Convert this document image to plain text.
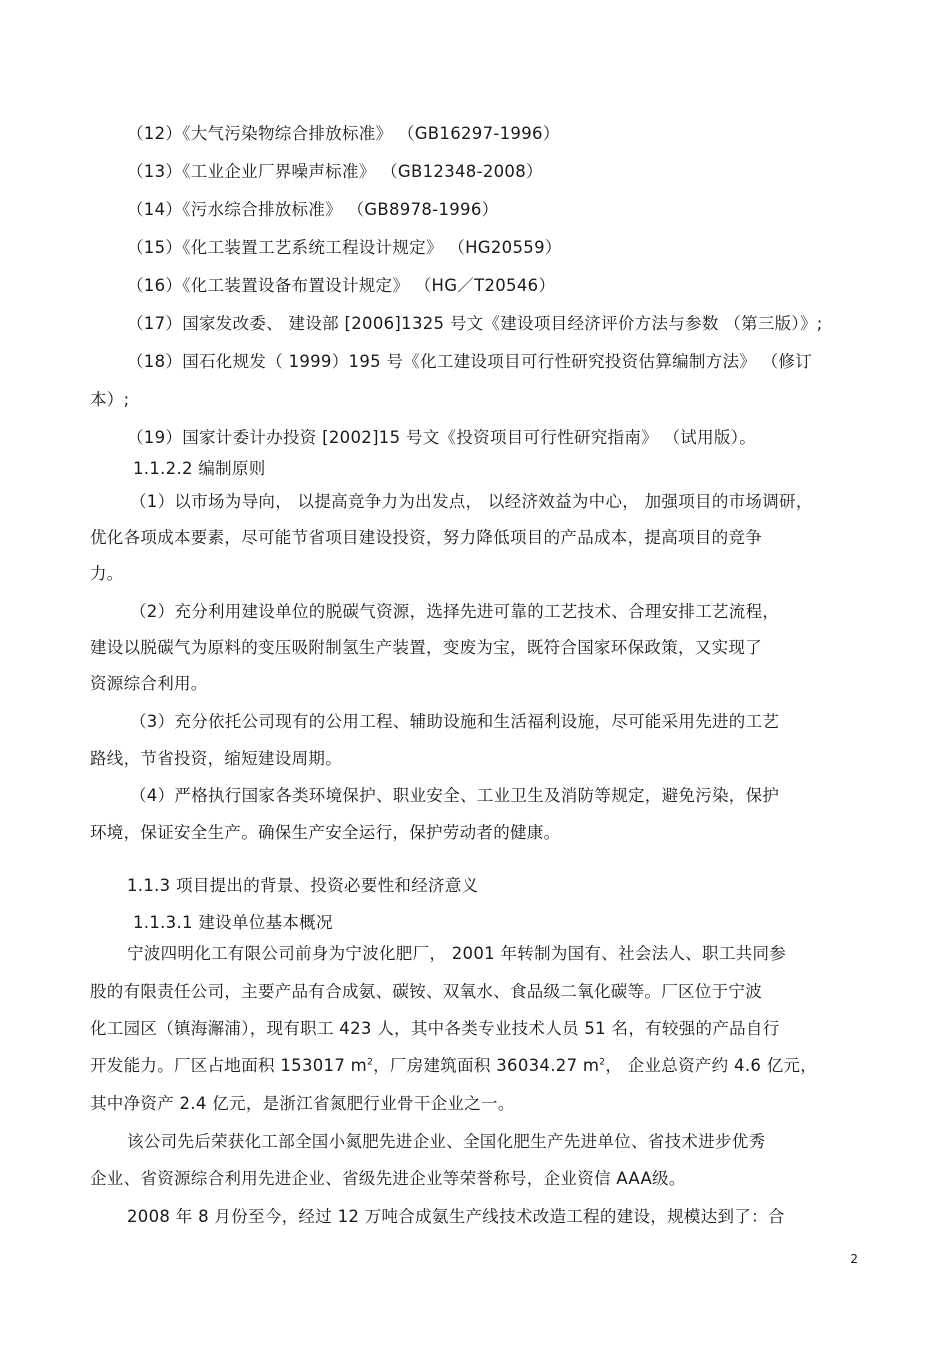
（12）《大气污染物综合排放标准》 （GB16297-1996）
（13）《工业企业厂界噪声标准》 （GB12348-2008）
（14）《污水综合排放标准》 （GB8978-1996）
（15）《化工装置工艺系统工程设计规定》 （HG20559）
（16）《化工装置设备布置设计规定》 （HG／T20546）
（17）国家发改委、 建设部 [2006]1325 号文《建设项目经济评价方法与参数 （第三版）》;
（18）国石化规发（ 1999）195 号《化工建设项目可行性研究投资估算编制方法》 （修订
本）;
（19）国家计委计办投资 [2002]15 号文《投资项目可行性研究指南》 （试用版）。
1.1.2.2 编制原则
（1）以市场为导向， 以提高竞争力为出发点， 以经济效益为中心， 加强项目的市场调研，
优化各项成本要素，尽可能节省项目建设投资，努力降低项目的产品成本，提高项目的竞争
力。
（2）充分利用建设单位的脱碳气资源，选择先进可靠的工艺技术、合理安排工艺流程，
建设以脱碳气为原料的变压吸附制氢生产装置，变废为宝，既符合国家环保政策，又实现了
资源综合利用。
（3）充分依托公司现有的公用工程、辅助设施和生活福利设施，尽可能采用先进的工艺
路线，节省投资，缩短建设周期。
（4）严格执行国家各类环境保护、职业安全、工业卫生及消防等规定，避免污染，保护
环境，保证安全生产。确保生产安全运行，保护劳动者的健康。
1.1.3 项目提出的背景、投资必要性和经济意义
1.1.3.1 建设单位基本概况
宁波四明化工有限公司前身为宁波化肥厂， 2001 年转制为国有、社会法人、职工共同参
股的有限责任公司，主要产品有合成氨、碳铵、双氧水、食品级二氧化碳等。厂区位于宁波
化工园区（镇海澥浦），现有职工 423 人，其中各类专业技术人员 51 名，有较强的产品自行
开发能力。厂区占地面积 153017 $m^2$，厂房建筑面积 36034.27 $m^2$， 企业总资产约 4.6 亿元，
其中净资产 2.4 亿元，是浙江省氮肥行业骨干企业之一。
该公司先后荣获化工部全国小氮肥先进企业、全国化肥生产先进单位、省技术进步优秀
企业、省资源综合利用先进企业、省级先进企业等荣誉称号，企业资信 AAA级。
2008 年 8 月份至今，经过 12 万吨合成氨生产线技术改造工程的建设，规模达到了：合
2
